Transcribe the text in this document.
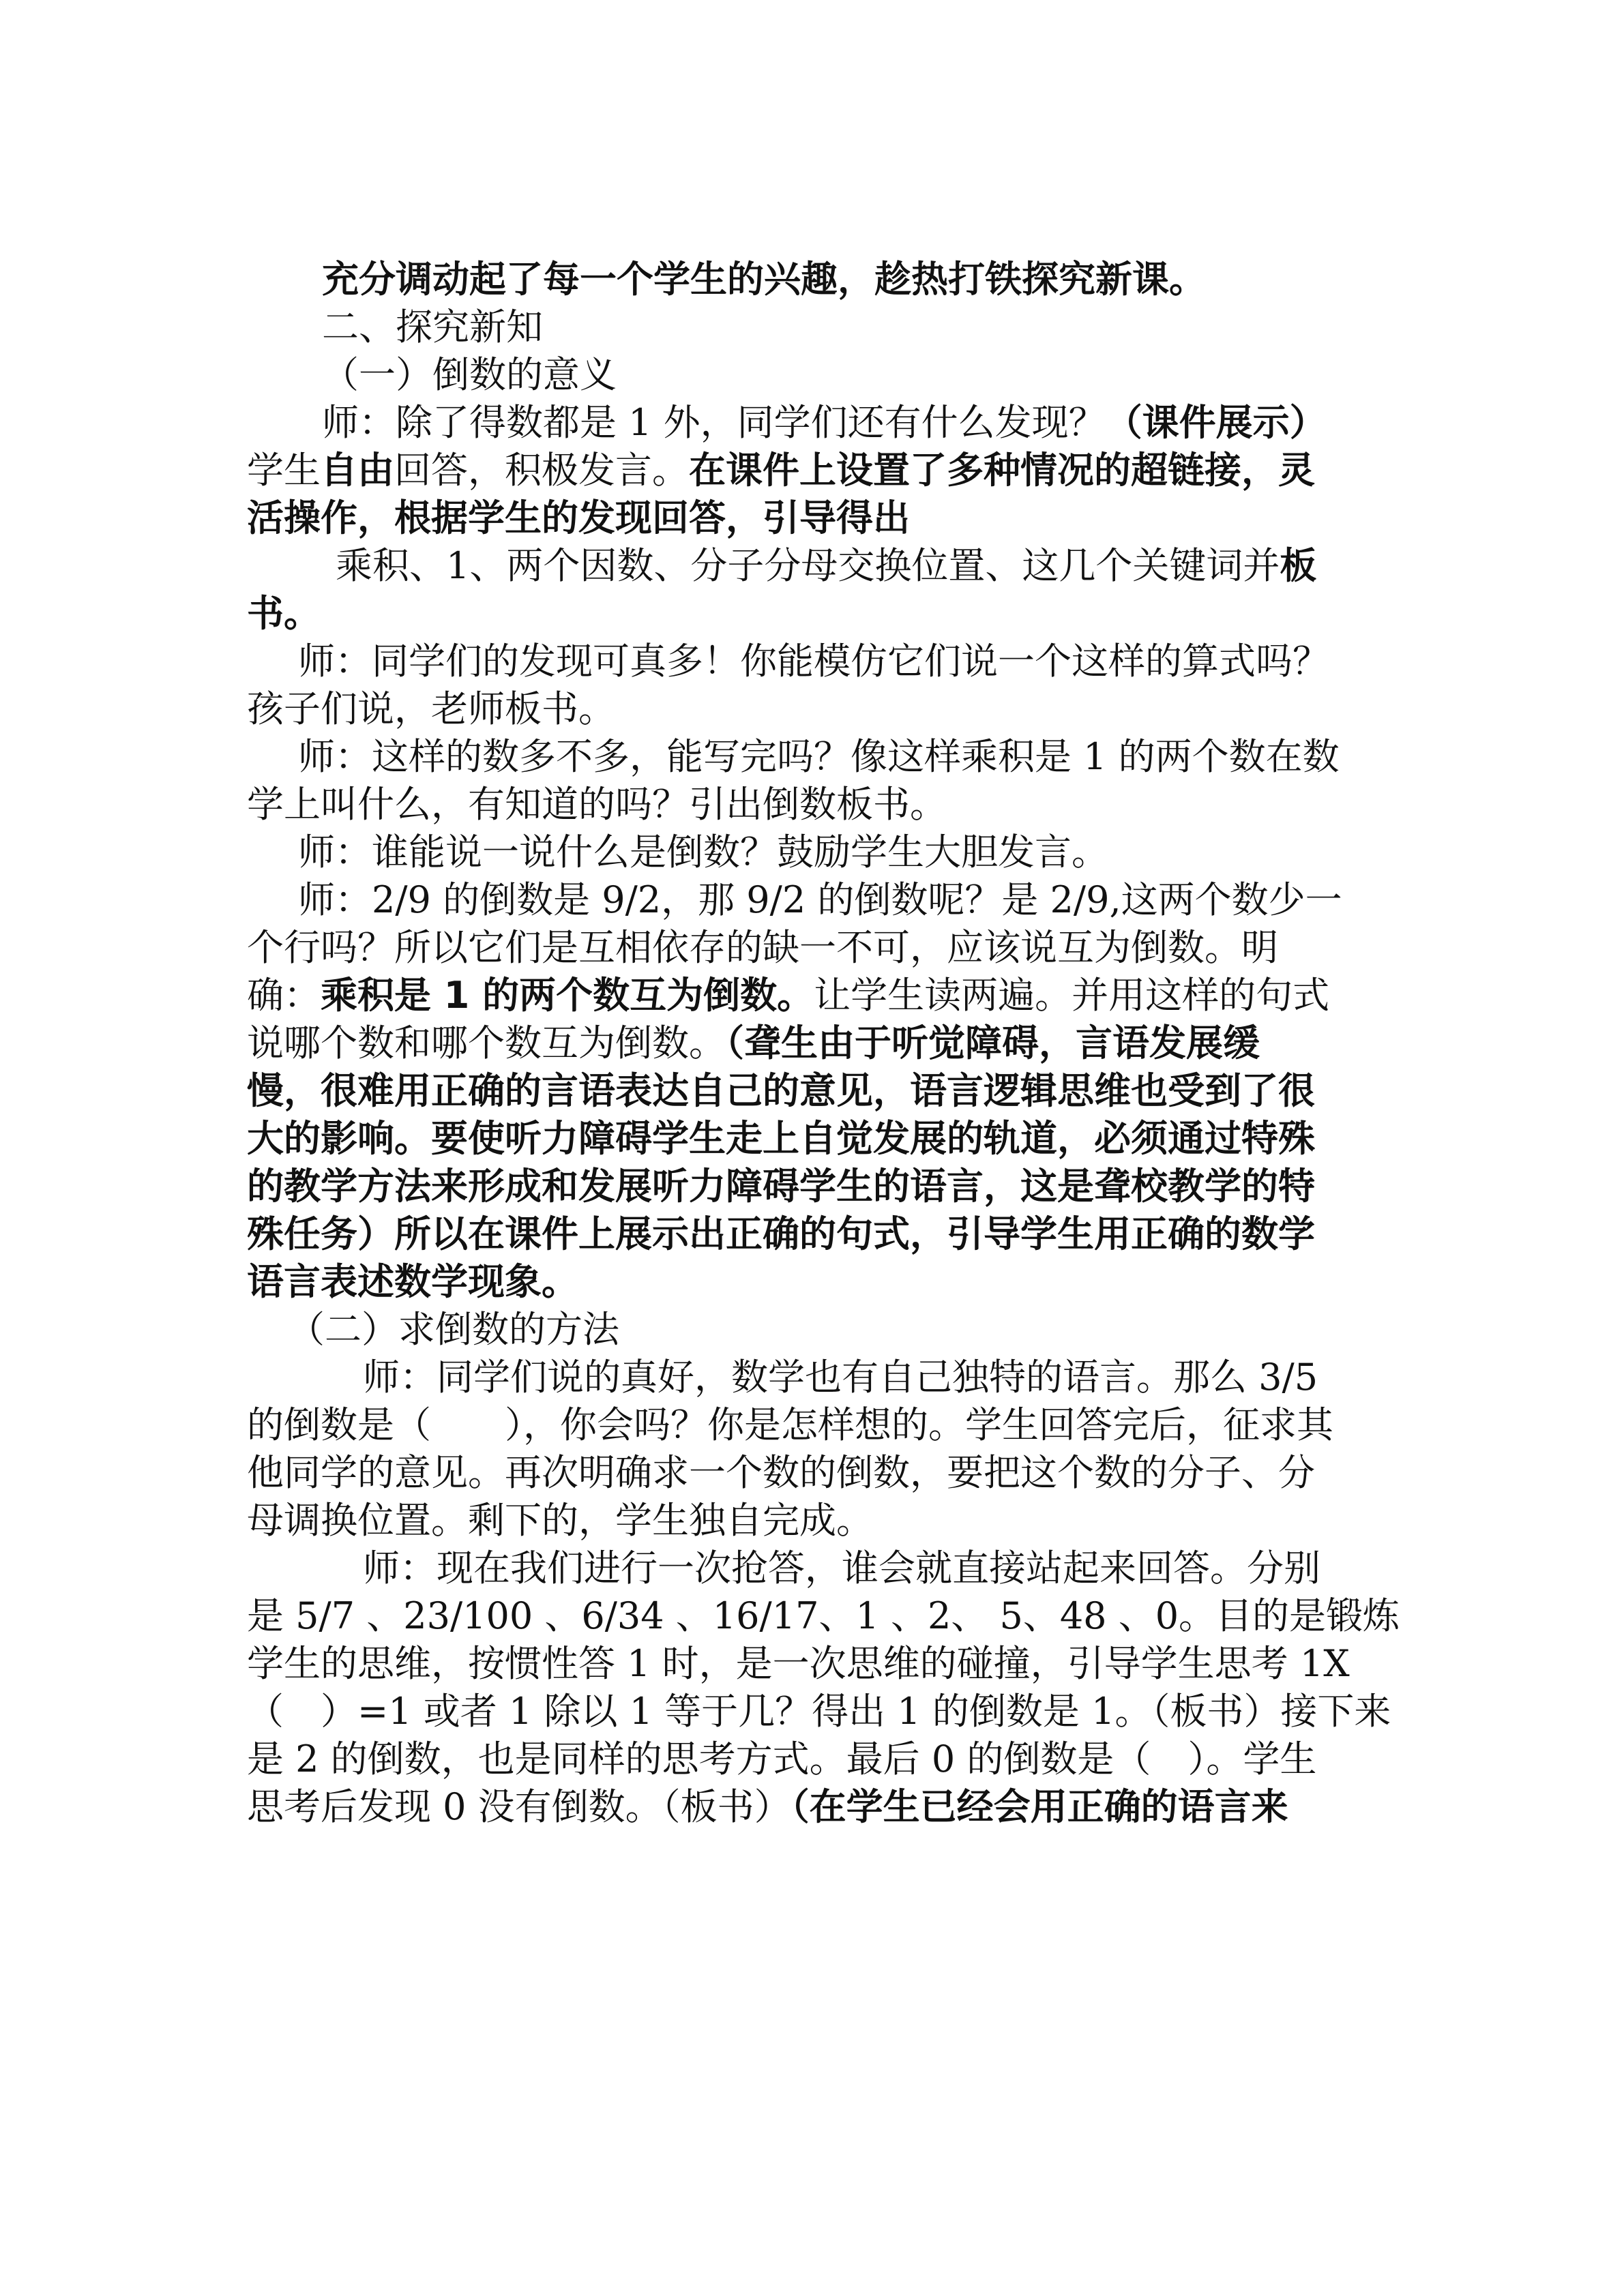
充分调动起了每一个学生的兴趣，趁热打铁探究新课。
二、探究新知
（一）倒数的意义
师：除了得数都是 1 外，同学们还有什么发现？（课件展示）
学生自由回答，积极发言。在课件上设置了多种情况的超链接，灵
活操作，根据学生的发现回答，引导得出
乘积、1、两个因数、分子分母交换位置、这几个关键词并板
书。
师：同学们的发现可真多！你能模仿它们说一个这样的算式吗？
孩子们说，老师板书。
师：这样的数多不多，能写完吗？像这样乘积是 1 的两个数在数
学上叫什么，有知道的吗？引出倒数板书。
师：谁能说一说什么是倒数？鼓励学生大胆发言。
师：2/9 的倒数是 9/2，那 9/2 的倒数呢？是 2/9,这两个数少一
个行吗？所以它们是互相依存的缺一不可，应该说互为倒数。明
确：乘积是 1 的两个数互为倒数。让学生读两遍。并用这样的句式
说哪个数和哪个数互为倒数。（聋生由于听觉障碍，言语发展缓
慢，很难用正确的言语表达自己的意见，语言逻辑思维也受到了很
大的影响。要使听力障碍学生走上自觉发展的轨道，必须通过特殊
的教学方法来形成和发展听力障碍学生的语言，这是聋校教学的特
殊任务）所以在课件上展示出正确的句式，引导学生用正确的数学
语言表述数学现象。
（二）求倒数的方法
师：同学们说的真好，数学也有自己独特的语言。那么 3/5
的倒数是（　　），你会吗？你是怎样想的。学生回答完后，征求其
他同学的意见。再次明确求一个数的倒数，要把这个数的分子、分
母调换位置。剩下的，学生独自完成。
师：现在我们进行一次抢答，谁会就直接站起来回答。分别
是 5/7 、23/100 、6/34 、16/17、1 、2、 5、48 、0。目的是锻炼
学生的思维，按惯性答 1 时，是一次思维的碰撞，引导学生思考 1X
（　）=1 或者 1 除以 1 等于几？得出 1 的倒数是 1。（板书）接下来
是 2 的倒数，也是同样的思考方式。最后 0 的倒数是（　）。学生
思考后发现 0 没有倒数。（板书）（在学生已经会用正确的语言来
